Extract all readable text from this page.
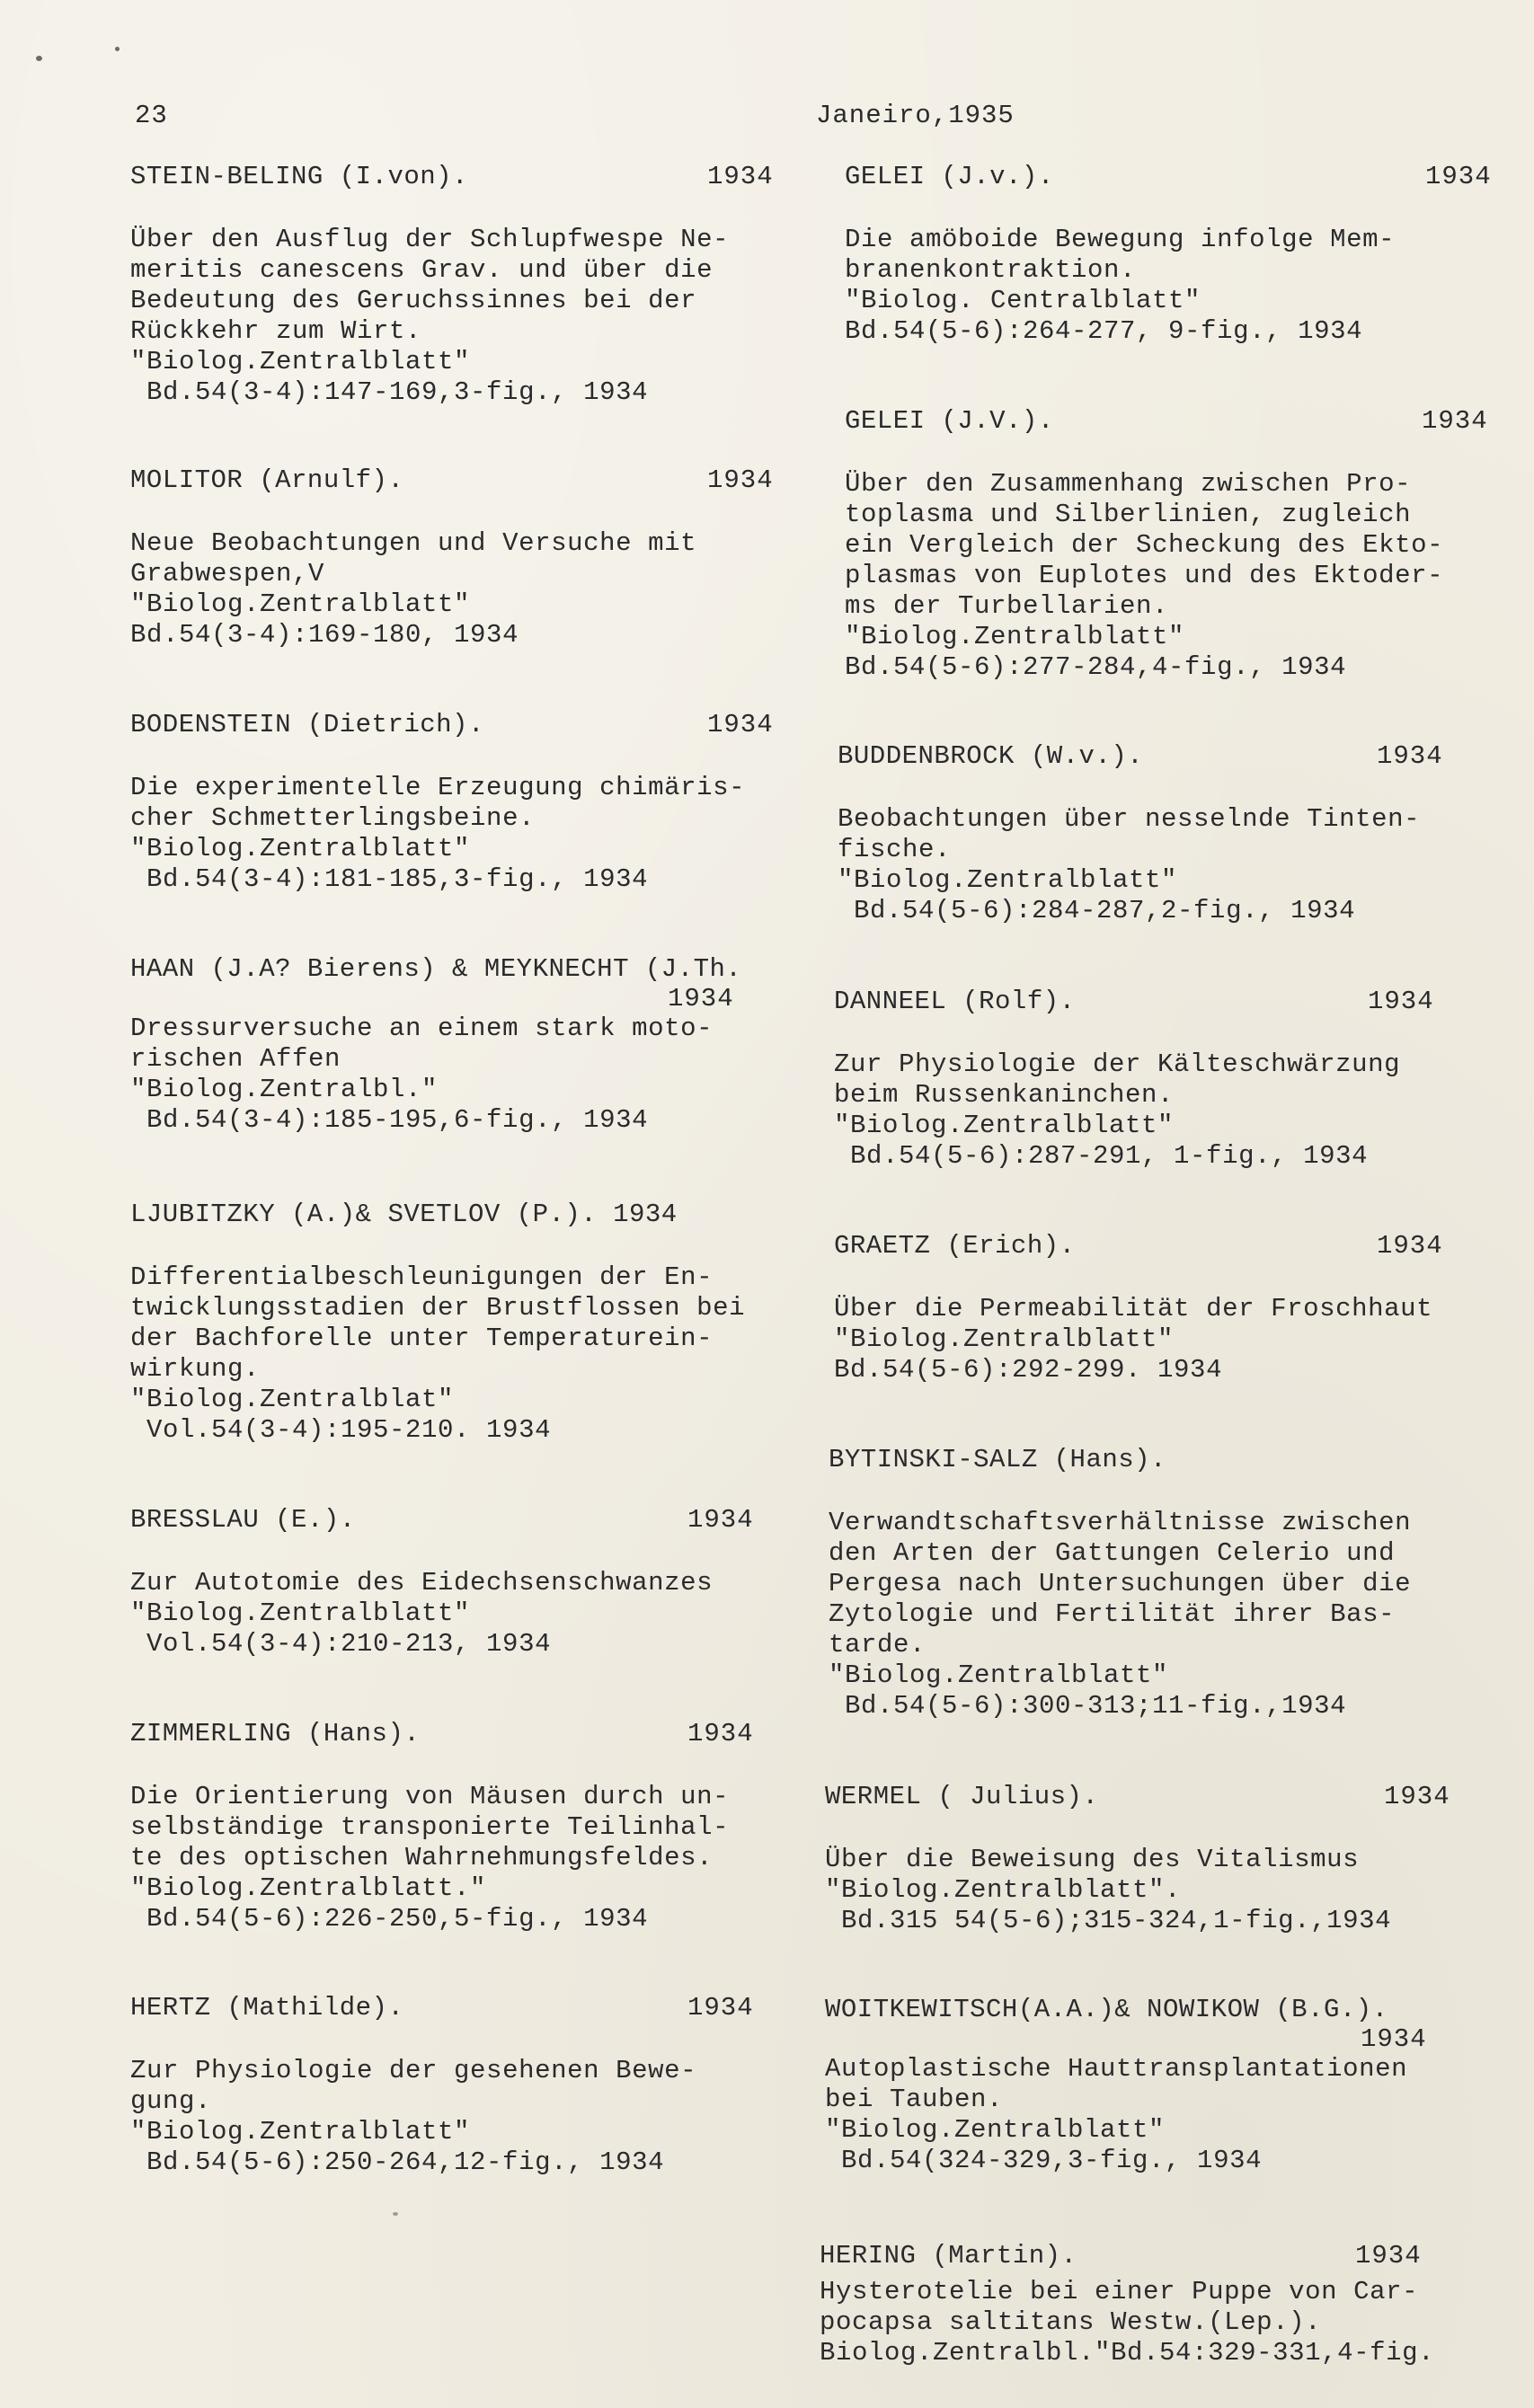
23	Janeiro,1935
STEIN-BELING (I.von).	1934
Über den Ausflug der Schlupfwespe Ne-
meritis canescens Grav. und über die
Bedeutung des Geruchssinnes bei der
Rückkehr zum Wirt.
"Biolog.Zentralblatt"
Bd.54(3-4):147-169,3-fig., 1934
MOLITOR (Arnulf).	1934
Neue Beobachtungen und Versuche mit
Grabwespen,V
"Biolog.Zentralblatt"
Bd.54(3-4):169-180, 1934
BODENSTEIN (Dietrich).	1934
Die experimentelle Erzeugung chimäris-
cher Schmetterlingsbeine.
"Biolog.Zentralblatt"
Bd.54(3-4):181-185,3-fig., 1934
HAAN (J.A? Bierens) & MEYKNECHT (J.Th.
1934
Dressurversuche an einem stark moto-
rischen Affen
"Biolog.Zentralbl."
Bd.54(3-4):185-195,6-fig., 1934
LJUBITZKY (A.)& SVETLOV (P.). 1934
Differentialbeschleunigungen der En-
twicklungsstadien der Brustflossen bei
der Bachforelle unter Temperaturein-
wirkung.
"Biolog.Zentralblat"
Vol.54(3-4):195-210. 1934
BRESSLAU (E.).	1934
Zur Autotomie des Eidechsenschwanzes
"Biolog.Zentralblatt"
Vol.54(3-4):210-213, 1934
ZIMMERLING (Hans).	1934
Die Orientierung von Mäusen durch un-
selbständige transponierte Teilinhal-
te des optischen Wahrnehmungsfeldes.
"Biolog.Zentralblatt."
Bd.54(5-6):226-250,5-fig., 1934
HERTZ (Mathilde).	1934
Zur Physiologie der gesehenen Bewe-
gung.
"Biolog.Zentralblatt"
Bd.54(5-6):250-264,12-fig., 1934
GELEI (J.v.).	1934
Die amöboide Bewegung infolge Mem-
branenkontraktion.
"Biolog. Centralblatt"
Bd.54(5-6):264-277, 9-fig., 1934
GELEI (J.V.).	1934
Über den Zusammenhang zwischen Pro-
toplasma und Silberlinien, zugleich
ein Vergleich der Scheckung des Ekto-
plasmas von Euplotes und des Ektoder-
ms der Turbellarien.
"Biolog.Zentralblatt"
Bd.54(5-6):277-284,4-fig., 1934
BUDDENBROCK (W.v.).	1934
Beobachtungen über nesselnde Tinten-
fische.
"Biolog.Zentralblatt"
Bd.54(5-6):284-287,2-fig., 1934
DANNEEL (Rolf).	1934
Zur Physiologie der Kälteschwärzung
beim Russenkaninchen.
"Biolog.Zentralblatt"
Bd.54(5-6):287-291, 1-fig., 1934
GRAETZ (Erich).	1934
Über die Permeabilität der Froschhaut
"Biolog.Zentralblatt"
Bd.54(5-6):292-299. 1934
BYTINSKI-SALZ (Hans).
Verwandtschaftsverhältnisse zwischen
den Arten der Gattungen Celerio und
Pergesa nach Untersuchungen über die
Zytologie und Fertilität ihrer Bas-
tarde.
"Biolog.Zentralblatt"
Bd.54(5-6):300-313;11-fig.,1934
WERMEL ( Julius).	1934
Über die Beweisung des Vitalismus
"Biolog.Zentralblatt".
Bd.315 54(5-6);315-324,1-fig.,1934
WOITKEWITSCH(A.A.)& NOWIKOW (B.G.).
1934
Autoplastische Hauttransplantationen
bei Tauben.
"Biolog.Zentralblatt"
Bd.54(324-329,3-fig., 1934
HERING (Martin).	1934
Hysterotelie bei einer Puppe von Car-
pocapsa saltitans Westw.(Lep.).
Biolog.Zentralbl."Bd.54:329-331,4-fig.
